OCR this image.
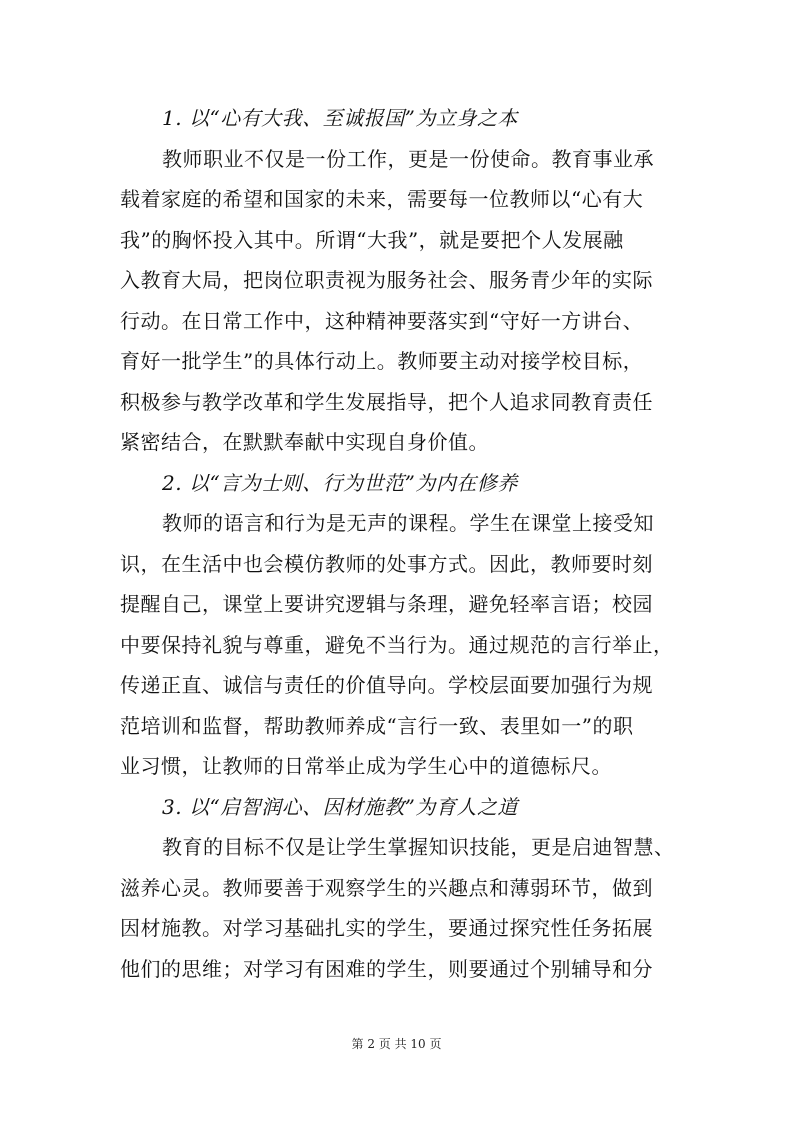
1. 以“心有大我、至诚报国”为立身之本
教师职业不仅是一份工作，更是一份使命。教育事业承
载着家庭的希望和国家的未来，需要每一位教师以“心有大
我”的胸怀投入其中。所谓“大我”，就是要把个人发展融
入教育大局，把岗位职责视为服务社会、服务青少年的实际
行动。在日常工作中，这种精神要落实到“守好一方讲台、
育好一批学生”的具体行动上。教师要主动对接学校目标，
积极参与教学改革和学生发展指导，把个人追求同教育责任
紧密结合，在默默奉献中实现自身价值。
2. 以“言为士则、行为世范”为内在修养
教师的语言和行为是无声的课程。学生在课堂上接受知
识，在生活中也会模仿教师的处事方式。因此，教师要时刻
提醒自己，课堂上要讲究逻辑与条理，避免轻率言语；校园
中要保持礼貌与尊重，避免不当行为。通过规范的言行举止，
传递正直、诚信与责任的价值导向。学校层面要加强行为规
范培训和监督，帮助教师养成“言行一致、表里如一”的职
业习惯，让教师的日常举止成为学生心中的道德标尺。
3. 以“启智润心、因材施教”为育人之道
教育的目标不仅是让学生掌握知识技能，更是启迪智慧、
滋养心灵。教师要善于观察学生的兴趣点和薄弱环节，做到
因材施教。对学习基础扎实的学生，要通过探究性任务拓展
他们的思维；对学习有困难的学生，则要通过个别辅导和分
第 2 页 共 10 页
